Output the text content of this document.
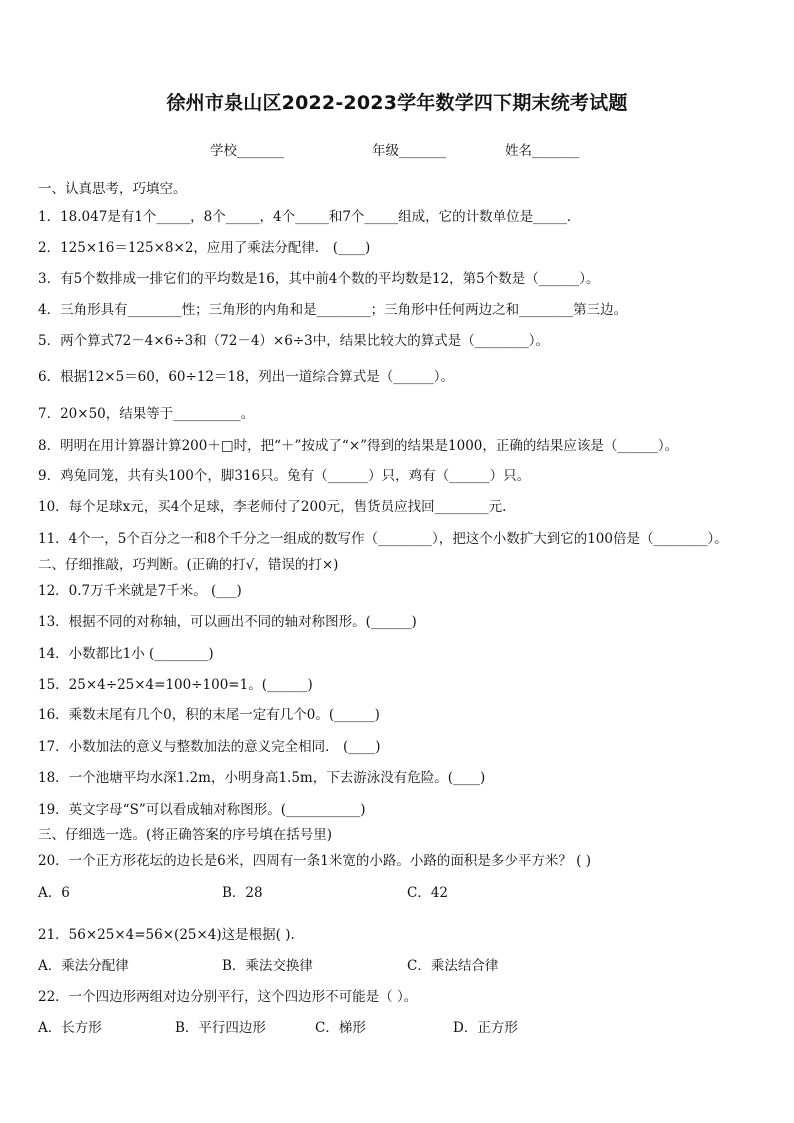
徐州市泉山区2022-2023学年数学四下期末统考试题
学校_______	年级_______	姓名_______
一、认真思考，巧填空。
1．18.047是有1个_____，8个_____，4个_____和7个_____组成，它的计数单位是_____．
2．125×16＝125×8×2，应用了乘法分配律． (____)
3．有5个数排成一排它们的平均数是16，其中前4个数的平均数是12，第5个数是（______）。
4．三角形具有________性；三角形的内角和是________；三角形中任何两边之和________第三边。
5．两个算式72－4×6÷3和（72－4）×6÷3中，结果比较大的算式是（________）。
6．根据12×5＝60，60÷12＝18，列出一道综合算式是（______）。
7．20×50，结果等于__________。
8．明明在用计算器计算200＋□时，把“＋”按成了“×”得到的结果是1000，正确的结果应该是（______）。
9．鸡兔同笼，共有头100个，脚316只。兔有（______）只，鸡有（______）只。
10．每个足球x元，买4个足球，李老师付了200元，售货员应找回________元.
11．4个一，5个百分之一和8个千分之一组成的数写作（________），把这个小数扩大到它的100倍是（________）。
二、仔细推敲，巧判断。(正确的打√，错误的打×)
12．0.7万千米就是7千米。 (___)
13．根据不同的对称轴，可以画出不同的轴对称图形。(______)
14．小数都比1小 (________)
15．25×4÷25×4=100÷100=1。(______)
16．乘数末尾有几个0，积的末尾一定有几个0。(______)
17．小数加法的意义与整数加法的意义完全相同． (____)
18．一个池塘平均水深1.2m，小明身高1.5m，下去游泳没有危险。(____)
19．英文字母“S”可以看成轴对称图形。(___________)
三、仔细选一选。(将正确答案的序号填在括号里)
20．一个正方形花坛的边长是6米，四周有一条1米宽的小路。小路的面积是多少平方米？ ( )
A．6	B．28	C．42
21．56×25×4=56×(25×4)这是根据( ).
A．乘法分配律	B．乘法交换律	C．乘法结合律
22．一个四边形两组对边分别平行，这个四边形不可能是（ ）。
A．长方形	B．平行四边形	C．梯形	D．正方形
